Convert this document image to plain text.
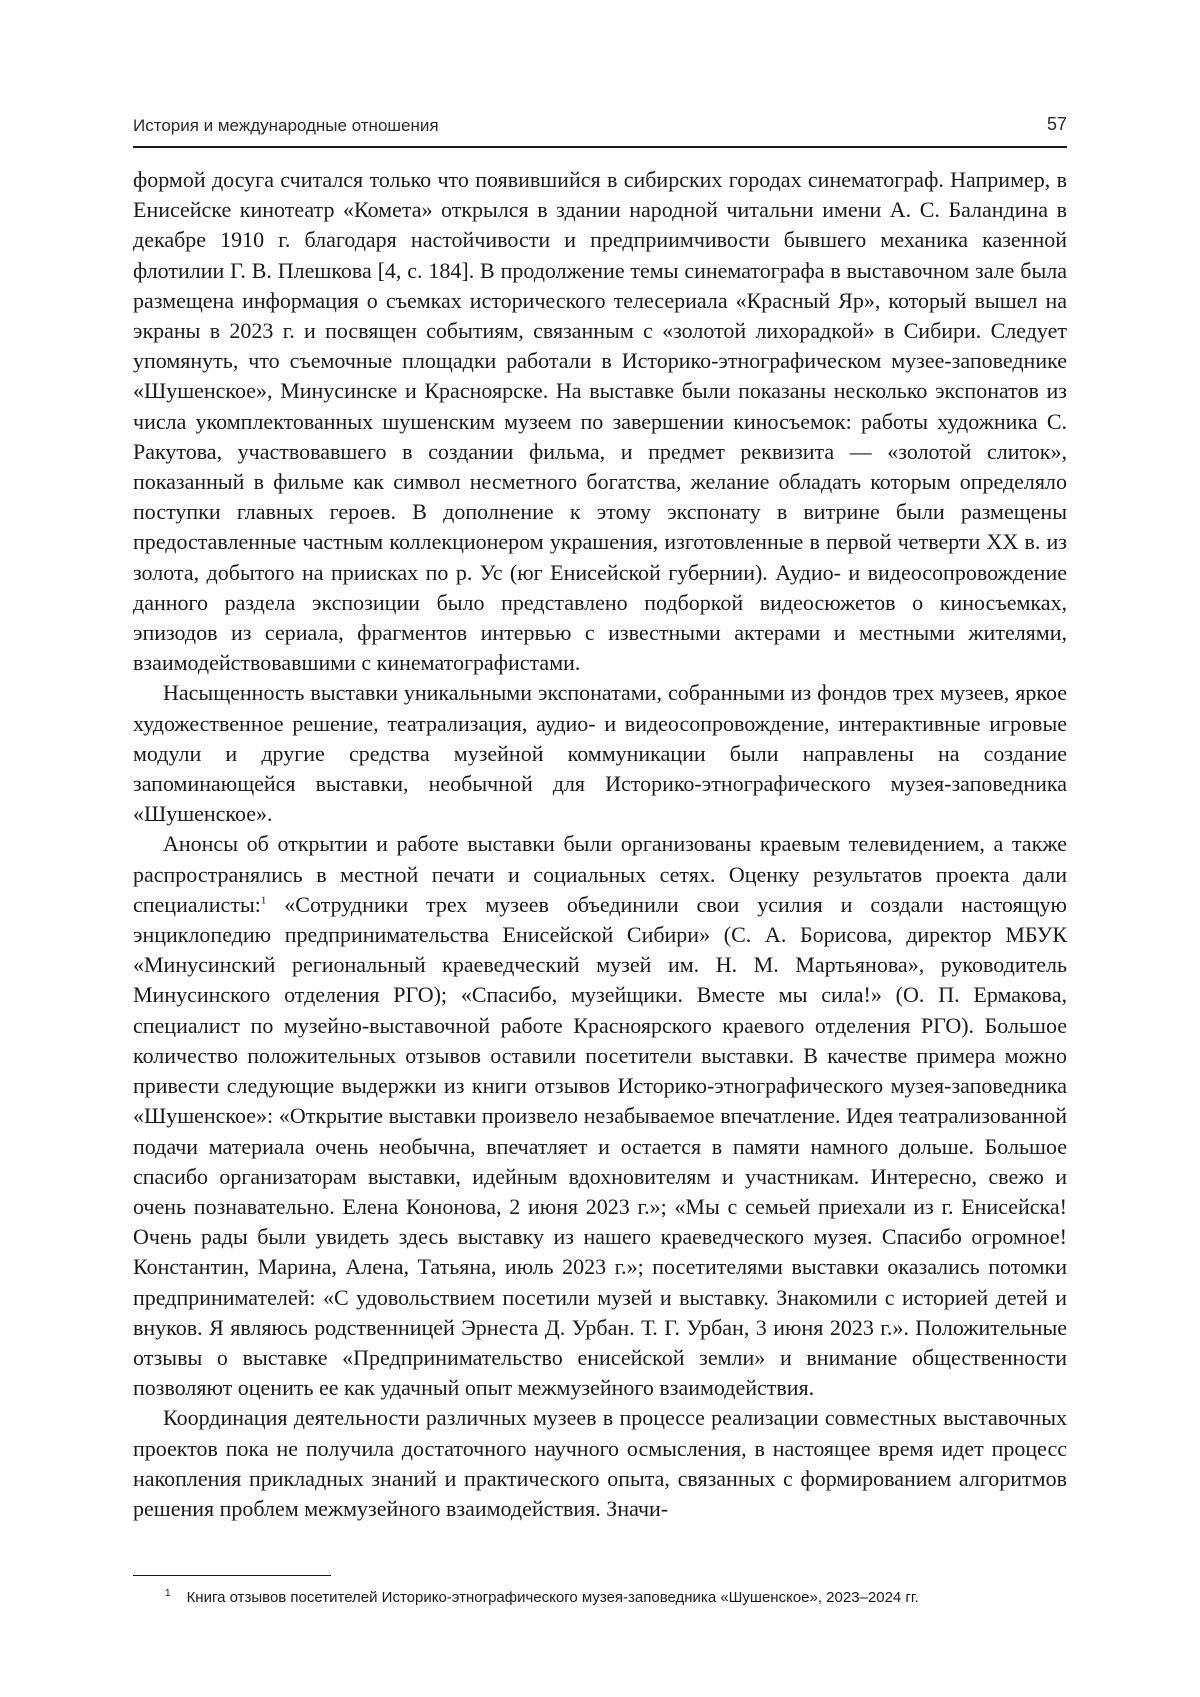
История и международные отношения	57

формой досуга считался только что появившийся в сибирских городах синематограф. Например, в Енисейске кинотеатр «Комета» открылся в здании народной читальни имени А. С. Баландина в декабре 1910 г. благодаря настойчивости и предприимчивости бывшего механика казенной флотилии Г. В. Плешкова [4, с. 184]. В продолжение темы синематографа в выставочном зале была размещена информация о съемках исторического телесериала «Красный Яр», который вышел на экраны в 2023 г. и посвящен событиям, связанным с «золотой лихорадкой» в Сибири. Следует упомянуть, что съемочные площадки работали в Историко-этнографическом музее-заповеднике «Шушенское», Минусинске и Красноярске. На выставке были показаны несколько экспонатов из числа укомплектованных шушенским музеем по завершении киносъемок: работы художника С. Ракутова, участвовавшего в создании фильма, и предмет реквизита — «золотой слиток», показанный в фильме как символ несметного богатства, желание обладать которым определяло поступки главных героев. В дополнение к этому экспонату в витрине были размещены предоставленные частным коллекционером украшения, изготовленные в первой четверти XX в. из золота, добытого на приисках по р. Ус (юг Енисейской губернии). Аудио- и видеосопровождение данного раздела экспозиции было представлено подборкой видеосюжетов о киносъемках, эпизодов из сериала, фрагментов интервью с известными актерами и местными жителями, взаимодействовавшими с кинематографистами.

Насыщенность выставки уникальными экспонатами, собранными из фондов трех музеев, яркое художественное решение, театрализация, аудио- и видеосопровождение, интерактивные игровые модули и другие средства музейной коммуникации были направлены на создание запоминающейся выставки, необычной для Историко-этнографического музея-заповедника «Шушенское».

Анонсы об открытии и работе выставки были организованы краевым телевидением, а также распространялись в местной печати и социальных сетях. Оценку результатов проекта дали специалисты:$^1$ «Сотрудники трех музеев объединили свои усилия и создали настоящую энциклопедию предпринимательства Енисейской Сибири» (С. А. Борисова, директор МБУК «Минусинский региональный краеведческий музей им. Н. М. Мартьянова», руководитель Минусинского отделения РГО); «Спасибо, музейщики. Вместе мы сила!» (О. П. Ермакова, специалист по музейно-выставочной работе Красноярского краевого отделения РГО). Большое количество положительных отзывов оставили посетители выставки. В качестве примера можно привести следующие выдержки из книги отзывов Историко-этнографического музея-заповедника «Шушенское»: «Открытие выставки произвело незабываемое впечатление. Идея театрализованной подачи материала очень необычна, впечатляет и остается в памяти намного дольше. Большое спасибо организаторам выставки, идейным вдохновителям и участникам. Интересно, свежо и очень познавательно. Елена Кононова, 2 июня 2023 г.»; «Мы с семьей приехали из г. Енисейска! Очень рады были увидеть здесь выставку из нашего краеведческого музея. Спасибо огромное! Константин, Марина, Алена, Татьяна, июль 2023 г.»; посетителями выставки оказались потомки предпринимателей: «С удовольствием посетили музей и выставку. Знакомили с историей детей и внуков. Я являюсь родственницей Эрнеста Д. Урбан. Т. Г. Урбан, 3 июня 2023 г.». Положительные отзывы о выставке «Предпринимательство енисейской земли» и внимание общественности позволяют оценить ее как удачный опыт межмузейного взаимодействия.

Координация деятельности различных музеев в процессе реализации совместных выставочных проектов пока не получила достаточного научного осмысления, в настоящее время идет процесс накопления прикладных знаний и практического опыта, связанных с формированием алгоритмов решения проблем межмузейного взаимодействия. Значи-

$^1$ Книга отзывов посетителей Историко-этнографического музея-заповедника «Шушенское», 2023–2024 гг.
